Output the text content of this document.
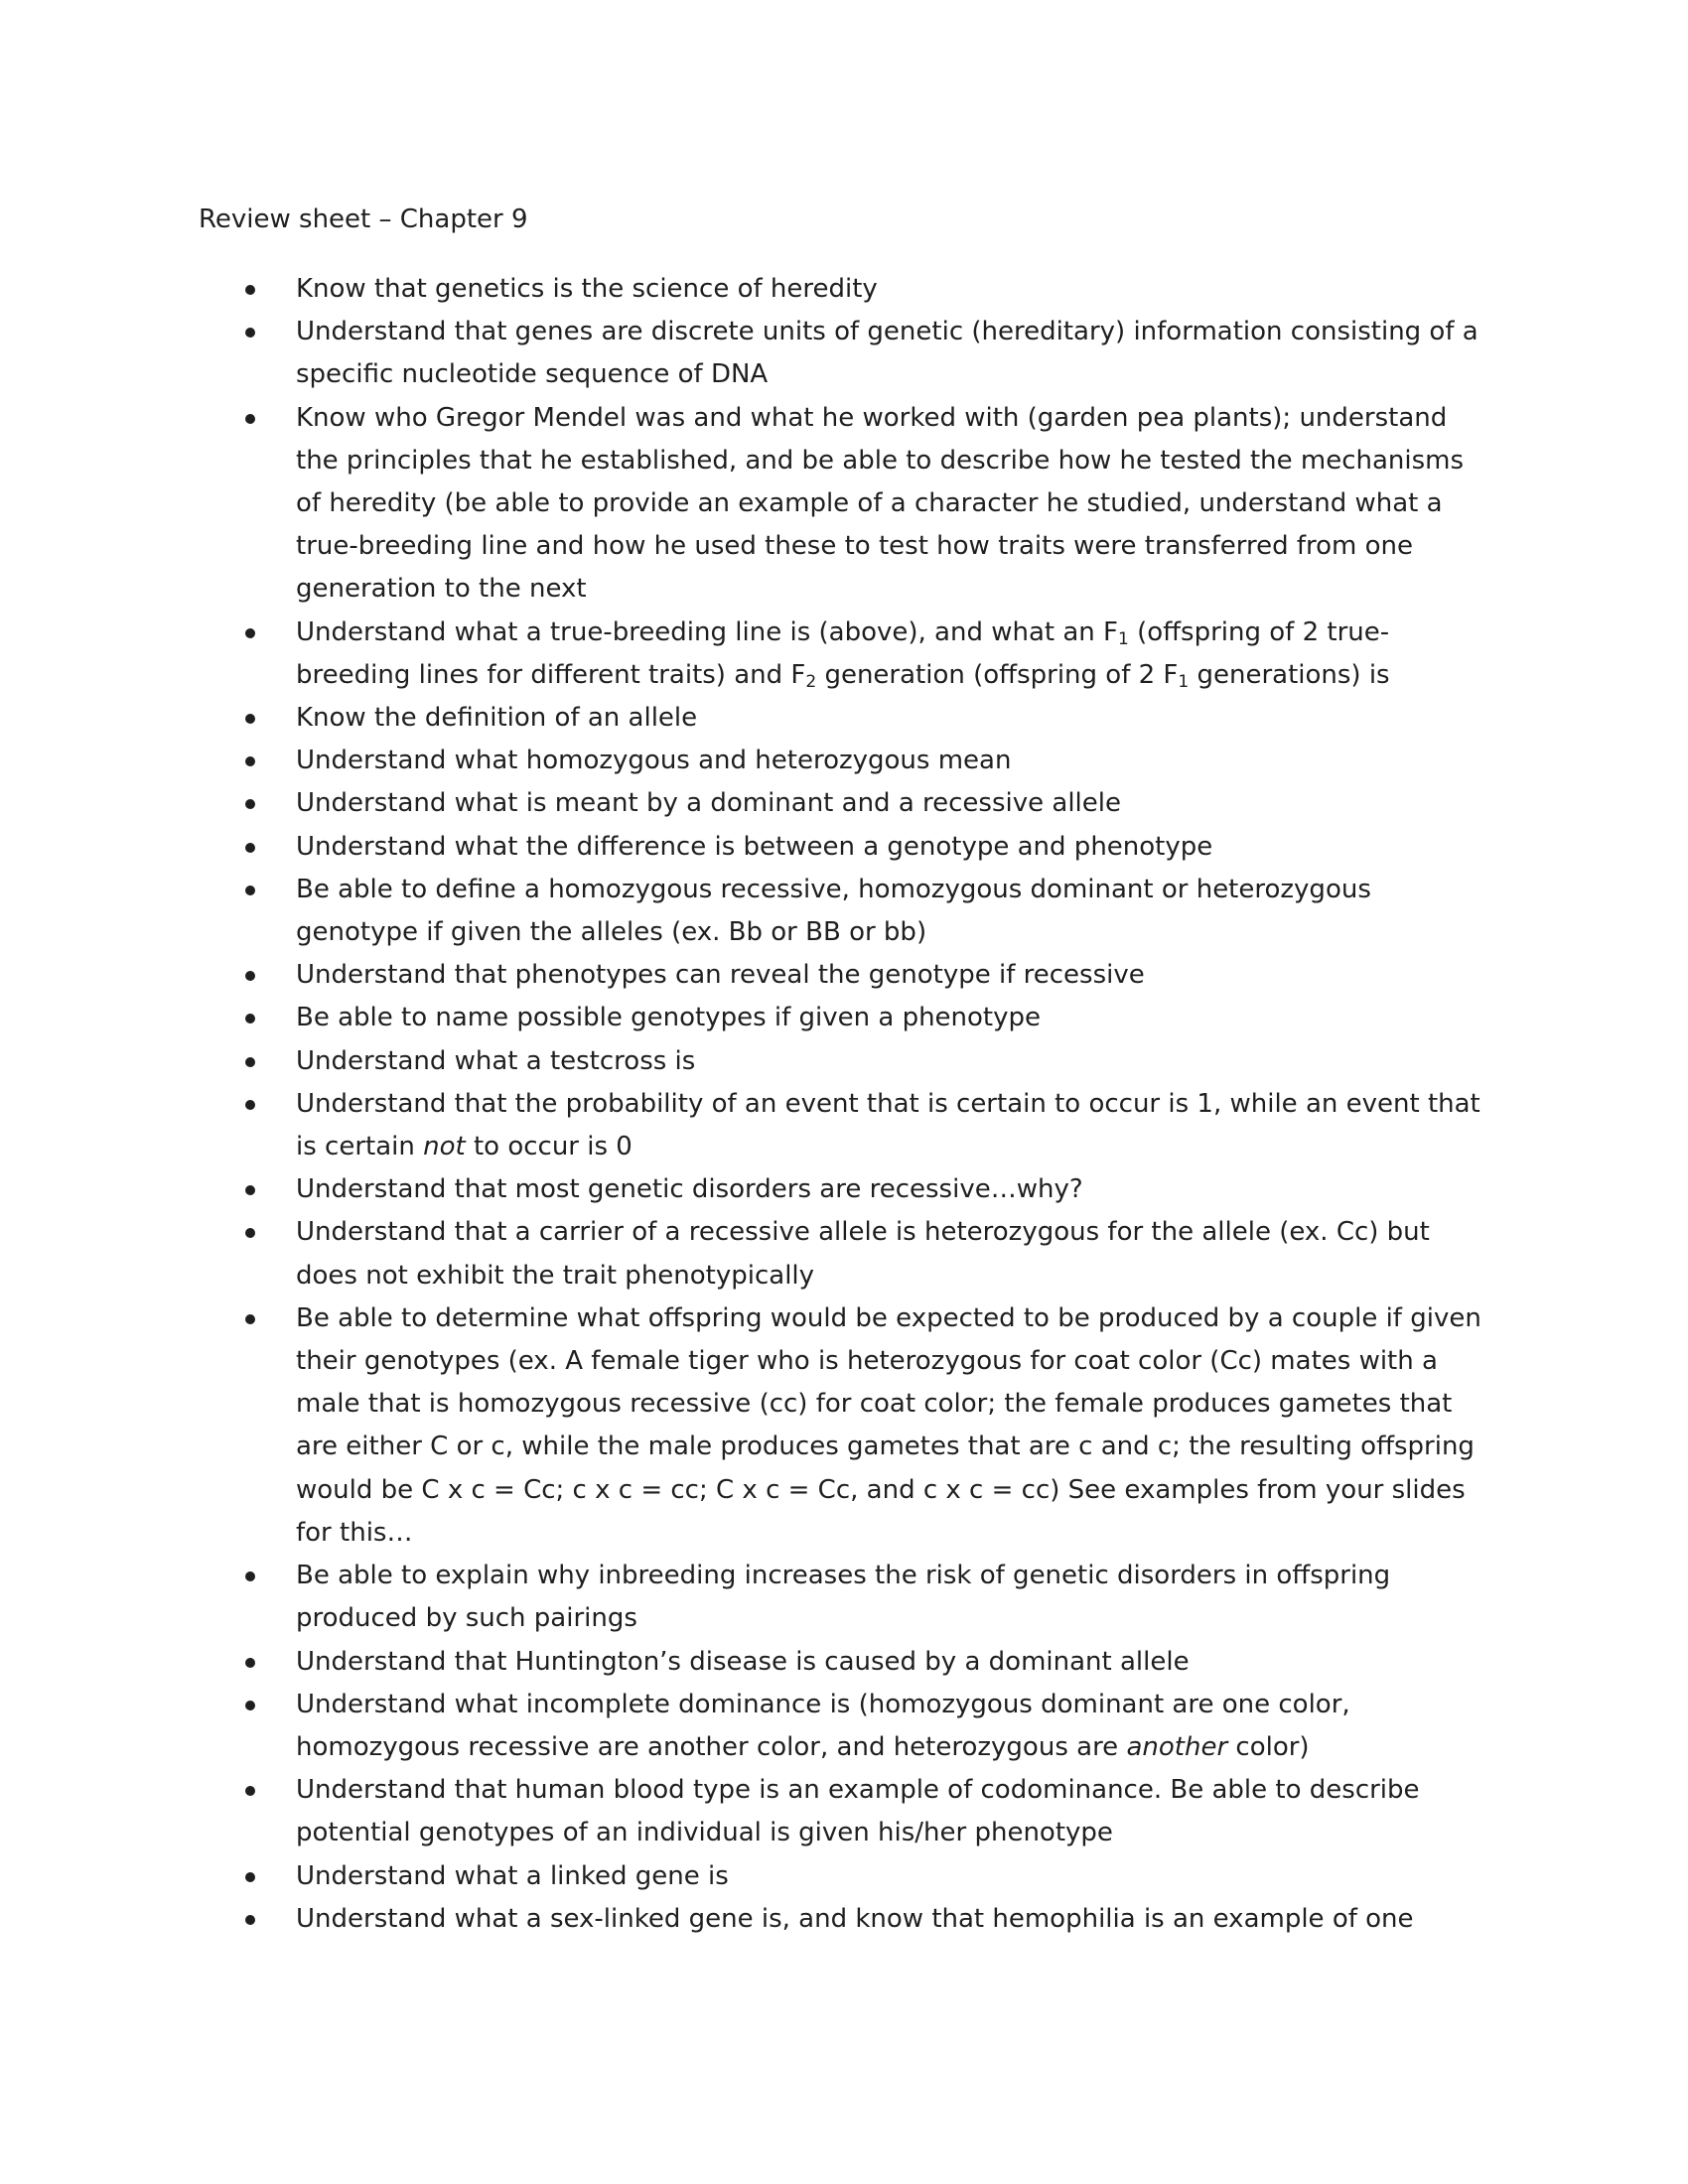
Review sheet – Chapter 9
Know that genetics is the science of heredity
Understand that genes are discrete units of genetic (hereditary) information consisting of a specific nucleotide sequence of DNA
Know who Gregor Mendel was and what he worked with (garden pea plants); understand the principles that he established, and be able to describe how he tested the mechanisms of heredity (be able to provide an example of a character he studied, understand what a true-breeding line and how he used these to test how traits were transferred from one generation to the next
Understand what a true-breeding line is (above), and what an $F_1$ (offspring of 2 true-breeding lines for different traits) and $F_2$ generation (offspring of 2 $F_1$ generations) is
Know the definition of an allele
Understand what homozygous and heterozygous mean
Understand what is meant by a dominant and a recessive allele
Understand what the difference is between a genotype and phenotype
Be able to define a homozygous recessive, homozygous dominant or heterozygous genotype if given the alleles (ex. Bb or BB or bb)
Understand that phenotypes can reveal the genotype if recessive
Be able to name possible genotypes if given a phenotype
Understand what a testcross is
Understand that the probability of an event that is certain to occur is 1, while an event that is certain not to occur is 0
Understand that most genetic disorders are recessive…why?
Understand that a carrier of a recessive allele is heterozygous for the allele (ex. Cc) but does not exhibit the trait phenotypically
Be able to determine what offspring would be expected to be produced by a couple if given their genotypes (ex. A female tiger who is heterozygous for coat color (Cc) mates with a male that is homozygous recessive (cc) for coat color; the female produces gametes that are either C or c, while the male produces gametes that are c and c; the resulting offspring would be C x c = Cc; c x c = cc; C x c = Cc, and c x c = cc) See examples from your slides for this…
Be able to explain why inbreeding increases the risk of genetic disorders in offspring produced by such pairings
Understand that Huntington’s disease is caused by a dominant allele
Understand what incomplete dominance is (homozygous dominant are one color, homozygous recessive are another color, and heterozygous are another color)
Understand that human blood type is an example of codominance. Be able to describe potential genotypes of an individual is given his/her phenotype
Understand what a linked gene is
Understand what a sex-linked gene is, and know that hemophilia is an example of one
